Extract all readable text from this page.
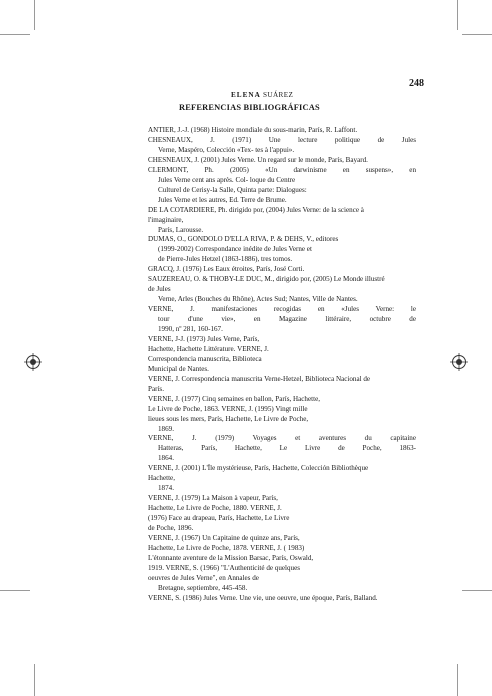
248
ELENA SUÁREZ
REFERENCIAS BIBLIOGRÁFICAS
ANTIER, J.-J. (1968) Histoire mondiale du sous-marin, París, R. Laffont.
CHESNEAUX, J. (1971) Une lecture politique de Jules
Verne, Maspéro, Colección «Tex- tes à l'appui».
CHESNEAUX, J. (2001) Jules Verne. Un regard sur le monde, París, Bayard.
CLERMONT, Ph. (2005) «Un darwinisme en suspens», en
Jules Verne cent ans après. Col- loque du Centre
Culturel de Cerisy-la Salle, Quinta parte: Dialogues:
Jules Verne et les autres, Ed. Terre de Brume.
DE LA COTARDIERE, Ph. dirigido por, (2004) Jules Verne: de la science à
l'imaginaire,
París, Larousse.
DUMAS, O., GONDOLO D'ELLA RIVA, P. & DEHS, V., editores
(1999-2002) Correspondance inédite de Jules Verne et
de Pierre-Jules Hetzel (1863-1886), tres tomos.
GRACQ, J. (1976) Les Eaux étroites, París, José Corti.
SAUZEREAU, O. & THOBY-LE DUC, M., dirigido por, (2005) Le Monde illustré
de Jules
Verne, Arles (Bouches du Rhône), Actes Sud; Nantes, Ville de Nantes.
VERNE, J. manifestaciones recogidas en «Jules Verne: le
tour d'une vie», en Magazine littéraire, octubre de
1990, nº 281, 160-167.
VERNE, J-J. (1973) Jules Verne, París,
Hachette, Hachette Littérature. VERNE, J.
Correspondencia manuscrita, Biblioteca
Municipal de Nantes.
VERNE, J. Correspondencia manuscrita Verne-Hetzel, Biblioteca Nacional de
París.
VERNE, J. (1977) Cinq semaines en ballon, París, Hachette,
Le Livre de Poche, 1863. VERNE, J. (1995) Vingt mille
lieues sous les mers, París, Hachette, Le Livre de Poche,
1869.
VERNE, J. (1979) Voyages et aventures du capitaine
Hatteras, París, Hachette, Le Livre de Poche, 1863-
1864.
VERNE, J. (2001) L'Île mystérieuse, París, Hachette, Colección Bibliothèque
Hachette,
1874.
VERNE, J. (1979) La Maison à vapeur, París,
Hachette, Le Livre de Poche, 1880. VERNE, J.
(1976) Face au drapeau, París, Hachette, Le Livre
de Poche, 1896.
VERNE, J. (1967) Un Capitaine de quinze ans, París,
Hachette, Le Livre de Poche, 1878. VERNE, J. ( 1983)
L'étonnante aventure de la Mission Barsac, París, Oswald,
1919. VERNE, S. (1966) "L'Authenticité de quelques
oeuvres de Jules Verne", en Annales de
Bretagne, septiembre, 445-458.
VERNE, S. (1986) Jules Verne. Une vie, une oeuvre, une époque, París, Balland.
